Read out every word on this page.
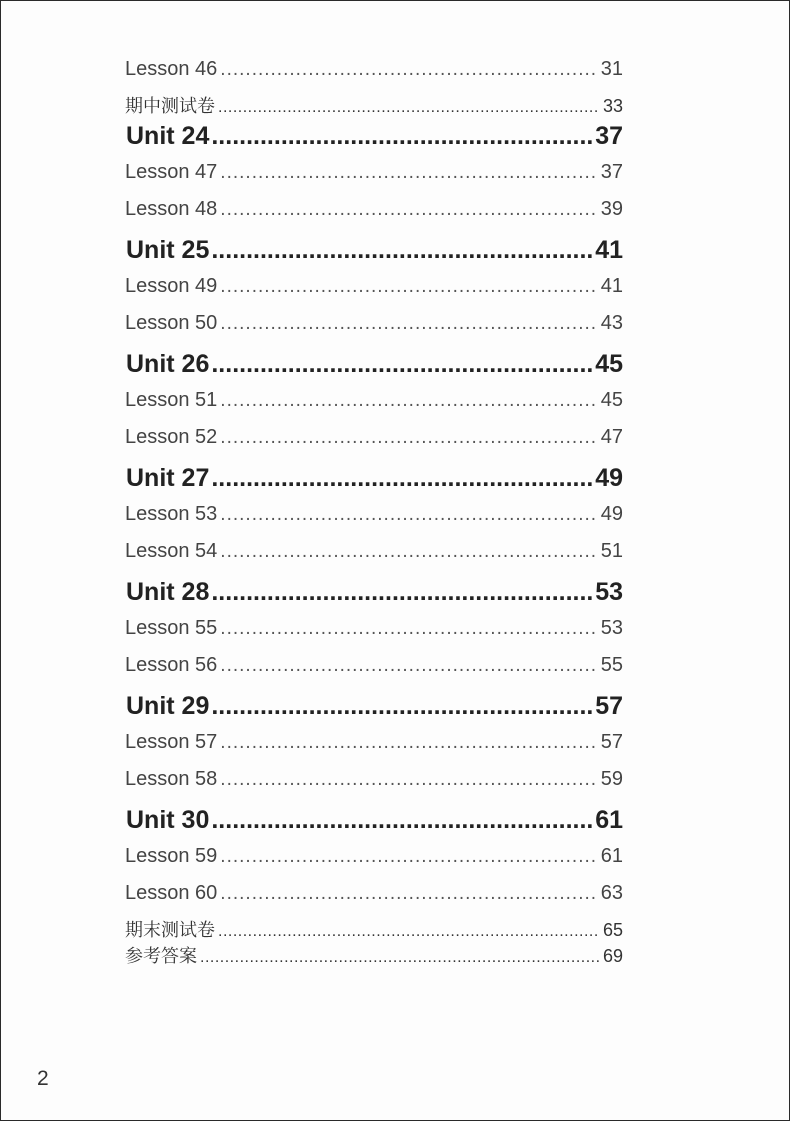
Lesson 46 .....	31
期中测试卷 .....	33
Unit 24 .....	37
Lesson 47 .....	37
Lesson 48 .....	39
Unit 25 .....	41
Lesson 49 .....	41
Lesson 50 .....	43
Unit 26 .....	45
Lesson 51 .....	45
Lesson 52 .....	47
Unit 27 .....	49
Lesson 53 .....	49
Lesson 54 .....	51
Unit 28 .....	53
Lesson 55 .....	53
Lesson 56 .....	55
Unit 29 .....	57
Lesson 57 .....	57
Lesson 58 .....	59
Unit 30 .....	61
Lesson 59 .....	61
Lesson 60 .....	63
期末测试卷 .....	65
参考答案 .....	69
2
